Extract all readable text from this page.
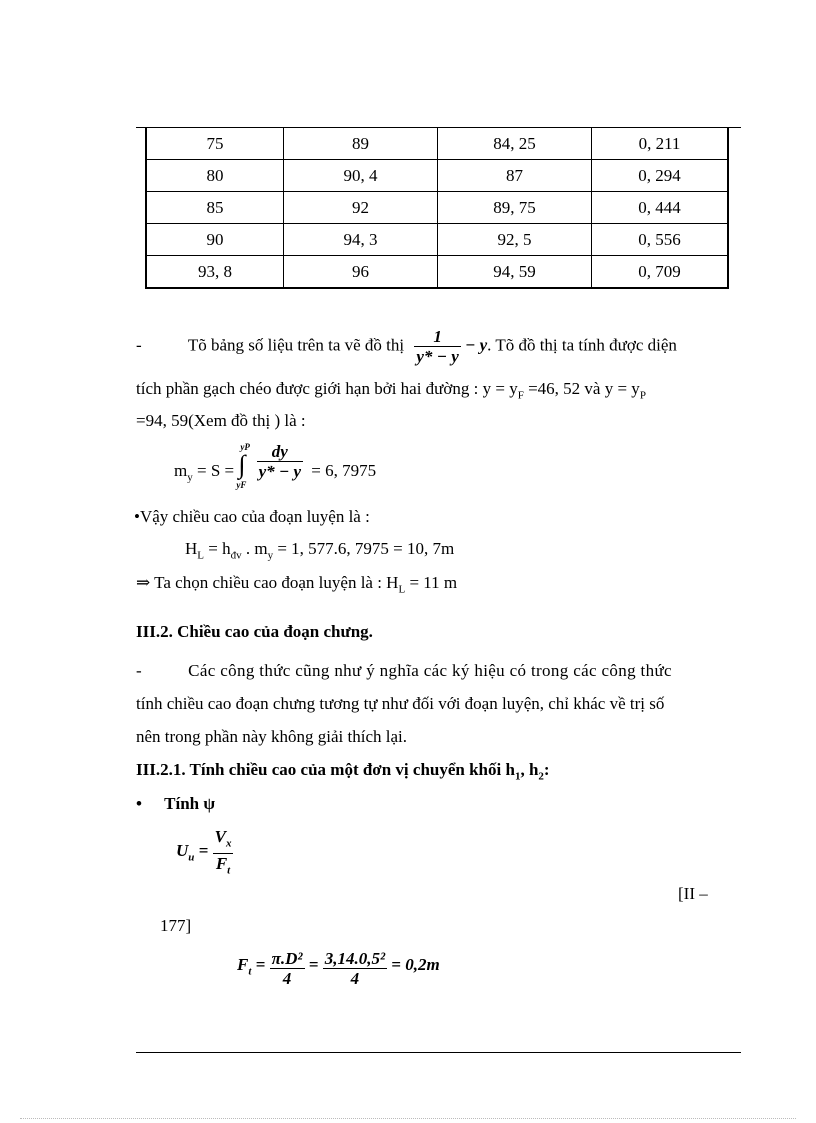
75	89	84, 25	0, 211
80	90, 4	87	0, 294
85	92	89, 75	0, 444
90	94, 3	92, 5	0, 556
93, 8	96	94, 59	0, 709
-	Tõ bảng số liệu trên ta vẽ đồ thị $\frac{1}{y* - y} - y$. Tõ đồ thị ta tính được diện
tích phần gạch chéo được giới hạn bởi hai đường : $y = y_F =46$, 52 và $y = y_P$
=94, 59(Xem đồ thị ) là :
$m_y = S$ = ∫
yP
yF

$\frac{dy}{y* - y} = 6$, 7975
•Vậy chiều cao của đoạn luyện là :
$H_L = h_{đv}$ . $m_y = 1$, 577.6, 7975 = 10, 7m
⇒ Ta chọn chiều cao đoạn luyện là : $H_L = 11$ m
III.2. Chiều cao của đoạn chưng.
-	Các công thức cũng như ý nghĩa các ký hiệu có trong các công thức
tính chiều cao đoạn chưng tương tự như đối với đoạn luyện, chỉ khác về trị số
nên trong phần này không giải thích lại.
III.2.1. Tính chiều cao của một đơn vị chuyển khối $h_1$, $h_2$:
• Tính ψ
$U_u = \frac{V_x}{F_t}$
[II –
177]
$F_t = \frac{\text{π.D²}}{4} = \frac{\text{3,14.0,5²}}{4} = 0,2m$
